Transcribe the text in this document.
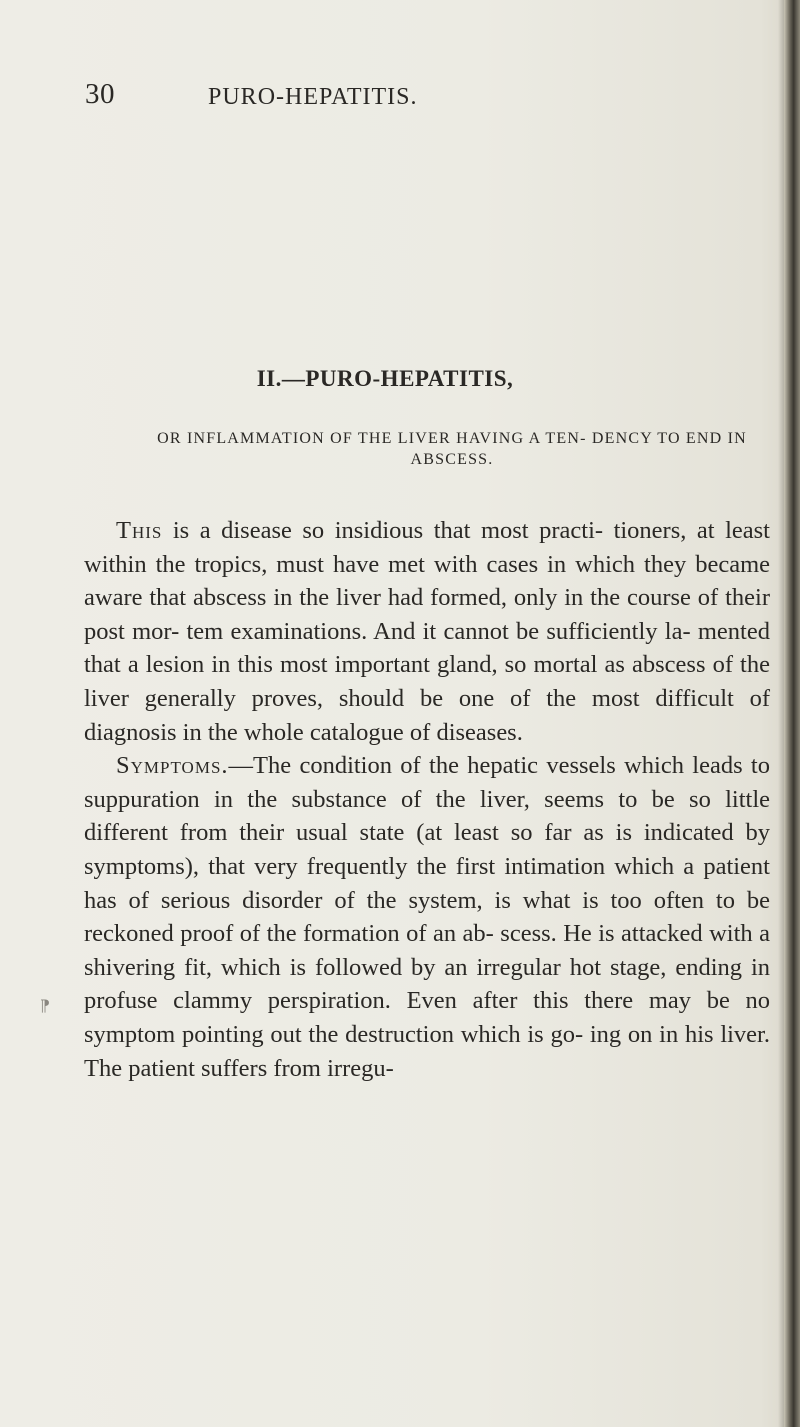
30	PURO-HEPATITIS.

II.—PURO-HEPATITIS,

OR INFLAMMATION OF THE LIVER HAVING A TEN- DENCY TO END IN ABSCESS.

This is a disease so insidious that most practi- tioners, at least within the tropics, must have met with cases in which they became aware that abscess in the liver had formed, only in the course of their post mor- tem examinations. And it cannot be sufficiently la- mented that a lesion in this most important gland, so mortal as abscess of the liver generally proves, should be one of the most difficult of diagnosis in the whole catalogue of diseases.

Symptoms.—The condition of the hepatic vessels which leads to suppuration in the substance of the liver, seems to be so little different from their usual state (at least so far as is indicated by symptoms), that very frequently the first intimation which a patient has of serious disorder of the system, is what is too often to be reckoned proof of the formation of an ab- scess. He is attacked with a shivering fit, which is followed by an irregular hot stage, ending in profuse clammy perspiration. Even after this there may be no symptom pointing out the destruction which is go- ing on in his liver. The patient suffers from irregu-

⁋
